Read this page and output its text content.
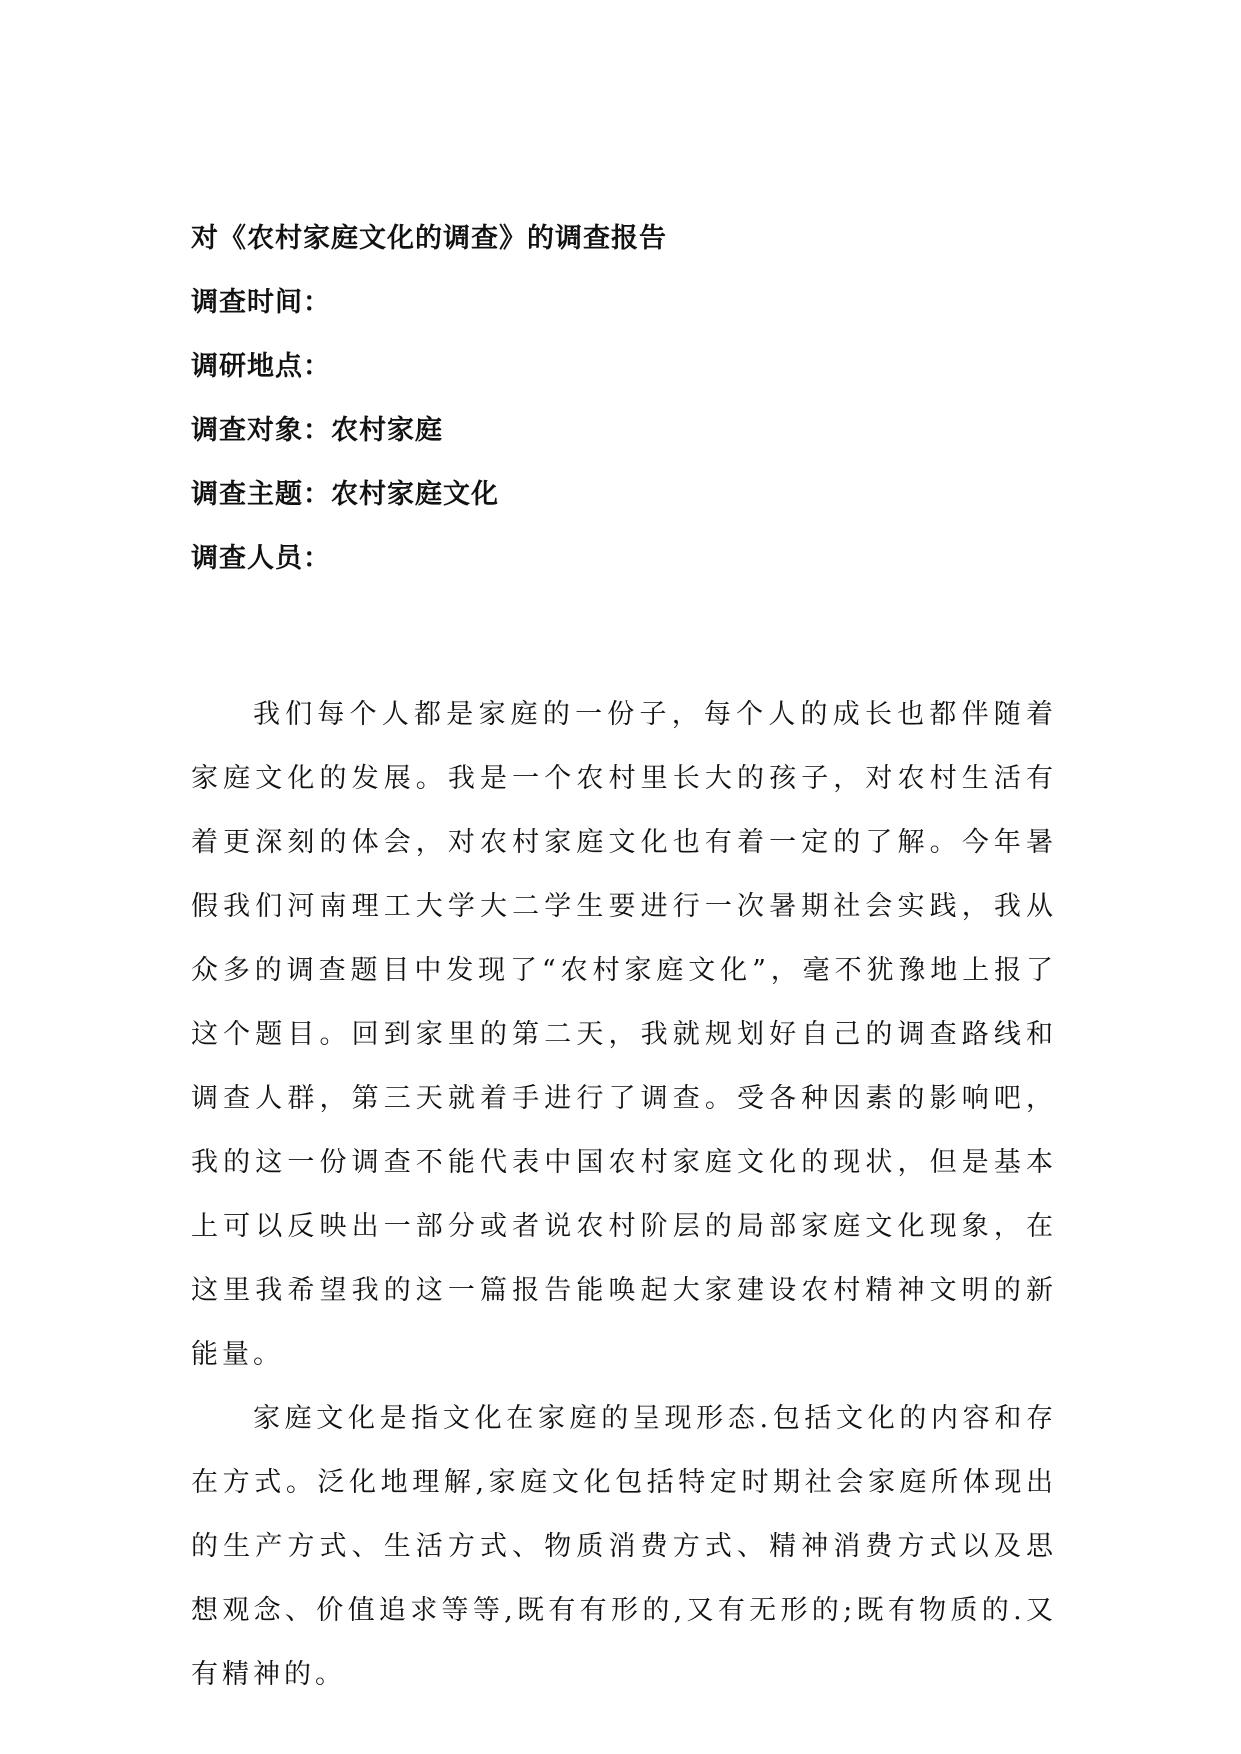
对《农村家庭文化的调查》的调查报告
调查时间：
调研地点：
调查对象：农村家庭
调查主题：农村家庭文化
调查人员：

我们每个人都是家庭的一份子，每个人的成长也都伴随着家庭文化的发展。我是一个农村里长大的孩子，对农村生活有着更深刻的体会，对农村家庭文化也有着一定的了解。今年暑假我们河南理工大学大二学生要进行一次暑期社会实践，我从众多的调查题目中发现了“农村家庭文化”，毫不犹豫地上报了这个题目。回到家里的第二天，我就规划好自己的调查路线和调查人群，第三天就着手进行了调查。受各种因素的影响吧，我的这一份调查不能代表中国农村家庭文化的现状，但是基本上可以反映出一部分或者说农村阶层的局部家庭文化现象，在这里我希望我的这一篇报告能唤起大家建设农村精神文明的新能量。

家庭文化是指文化在家庭的呈现形态.包括文化的内容和存在方式。泛化地理解,家庭文化包括特定时期社会家庭所体现出的生产方式、生活方式、物质消费方式、精神消费方式以及思想观念、价值追求等等,既有有形的,又有无形的;既有物质的.又有精神的。
